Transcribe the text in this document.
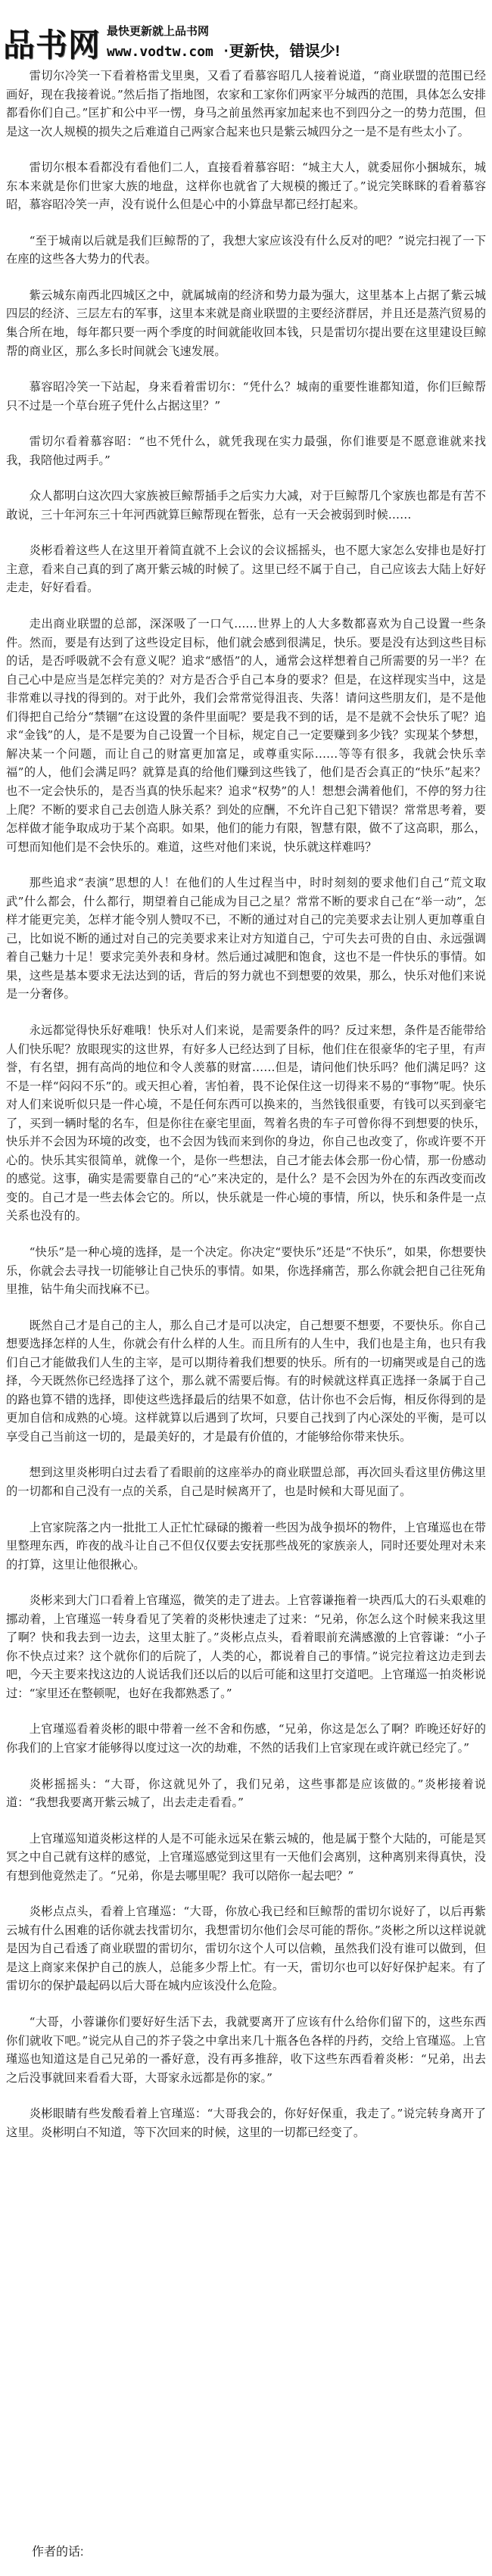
品书网 最快更新就上品书网
www.vodtw.com ·更新快，错误少!

雷切尔冷笑一下看着格雷戈里奥，又看了看慕容昭几人接着说道，“商业联盟的范围已经画好，现在我接着说。”然后指了指地图，农家和工家你们两家平分城西的范围，具体怎么安排都看你们自己。”匡扩和公中平一愣，身马之前虽然再家加起来也不到四分之一的势力范围，但是这一次人规模的损失之后难道自己两家合起来也只是紫云城四分之一是不是有些太小了。

雷切尔根本看都没有看他们二人，直接看着慕容昭：“城主大人，就委屈你小捆城东，城东本来就是你们世家大族的地盘，这样你也就省了大规模的搬迁了。”说完笑眯眯的看着慕容昭，慕容昭冷笑一声，没有说什么但是心中的小算盘早都已经打起来。

“至于城南以后就是我们巨鲸帮的了，我想大家应该没有什么反对的吧？”说完扫视了一下在座的这些各大势力的代表。

紫云城东南西北四城区之中，就属城南的经济和势力最为强大，这里基本上占据了紫云城四层的经济、三层左右的军事，这里本来就是商业联盟的主要经济群居，并且还是蒸汽贸易的集合所在地，每年都只要一两个季度的时间就能收回本钱，只是雷切尔提出要在这里建设巨鲸帮的商业区，那么多长时间就会飞速发展。

慕容昭冷笑一下站起，身来看着雷切尔：“凭什么？城南的重要性谁都知道，你们巨鲸帮只不过是一个草台班子凭什么占据这里？”

雷切尔看着慕容昭：“也不凭什么，就凭我现在实力最强，你们谁要是不愿意谁就来找我，我陪他过两手。”

众人都明白这次四大家族被巨鲸帮插手之后实力大减，对于巨鲸帮几个家族也都是有苦不敢说，三十年河东三十年河西就算巨鲸帮现在暂张，总有一天会被弱到时候……

炎彬看着这些人在这里开着简直就不上会议的会议摇摇头，也不愿大家怎么安排也是好打主意，看来自己真的到了离开紫云城的时候了。这里已经不属于自己，自己应该去大陆上好好走走，好好看看。

走出商业联盟的总部，深深吸了一口气……世界上的人大多数都喜欢为自己设置一些条件。然而，要是有达到了这些设定目标，他们就会感到很满足，快乐。要是没有达到这些目标的话，是否呼吸就不会有意义呢？追求“感悟”的人，通常会这样想着自己所需要的另一半？在自己心中是应当是怎样完美的？对方是否合乎自己本身的要求？但是，在这样现实当中，这是非常难以寻找的得到的。对于此外，我们会常常觉得沮丧、失落！请问这些朋友们，是不是他们得把自己给分“禁锢”在这设置的条件里面呢？要是我不到的话，是不是就不会快乐了呢？追求“金钱”的人，是不是要为自己设置一个目标，规定自己一定要赚到多少钱？实现某个梦想，解决某一个问题，而让自己的财富更加富足，或尊重实际……等等有很多，我就会快乐幸福”的人，他们会满足吗？就算是真的给他们赚到这些钱了，他们是否会真正的“快乐”起来？也不一定会快乐的，是否当真的快乐起来？追求“权势”的人！想想会满着他们，不停的努力往上爬？不断的要求自己去创造人脉关系？到处的应酬，不允许自己犯下错误？常常思考着，要怎样做才能争取成功于某个高职。如果，他们的能力有限，智慧有限，做不了这高职，那么，可想而知他们是不会快乐的。难道，这些对他们来说，快乐就这样难吗？

那些追求“表演”思想的人！在他们的人生过程当中，时时刻刻的要求他们自己“荒文取武”什么都会，什么都行，期望着自己能成为目己之星？常常不断的要求自己在“举一动”，怎样才能更完美，怎样才能令别人赞叹不已，不断的通过对自己的完美要求去让别人更加尊重自己，比如说不断的通过对自己的完美要求来让对方知道自己，宁可失去可贵的自由、永远强调着自己魅力十足！要求完美外表和身材。然后通过减肥和饱食，这也不是一件快乐的事情。如果，这些是基本要求无法达到的话，背后的努力就也不到想要的效果，那么，快乐对他们来说是一分奢侈。

永远都觉得快乐好难哦！快乐对人们来说，是需要条件的吗？反过来想，条件是否能带给人们快乐呢？放眼现实的这世界，有好多人已经达到了目标，他们住在很豪华的宅子里，有声誉，有名望，拥有高尚的地位和令人羡慕的财富……但是，请问他们快乐吗？他们满足吗？这不是一样“闷闷不乐”的。或天担心着，害怕着，畏不论保住这一切得来不易的“事物”呢。快乐对人们来说听似只是一件心境，不是任何东西可以换来的，当然钱很重要，有钱可以买到豪宅了，买到一辆时髦的名车，但是你往在豪宅里面，驾着名贵的车子可曾你得不到想要的快乐，快乐并不会因为环境的改变，也不会因为钱而来到你的身边，你自己也改变了，你或许要不开心的。快乐其实很简单，就像一个，是你一些想法，自己才能去体会那一份心情，那一份感动的感觉。这事，确实是需要靠自己的“心”来决定的，是什么？是不会因为外在的东西改变而改变的。自己才是一些去体会它的。所以，快乐就是一件心境的事情，所以，快乐和条件是一点关系也没有的。

“快乐”是一种心境的选择，是一个决定。你决定“要快乐”还是“不快乐”，如果，你想要快乐，你就会去寻找一切能够让自己快乐的事情。如果，你选择痛苦，那么你就会把自己往死角里推，钻牛角尖而找麻不已。

既然自己才是自己的主人，那么自己才是可以决定，自己想要不想要，不要快乐。你自己想要选择怎样的人生，你就会有什么样的人生。而且所有的人生中，我们也是主角，也只有我们自己才能做我们人生的主宰，是可以期待着我们想要的快乐。所有的一切痛哭或是自己的选择，今天既然你已经选择了这个，那么就不需要后悔。有的时候就这样真正选择一条属于自己的路也算不错的选择，即使这些选择最后的结果不如意，估计你也不会后悔，相反你得到的是更加自信和成熟的心境。这样就算以后遇到了坎坷，只要自己找到了内心深处的平衡，是可以享受自己当前这一切的，是最美好的，才是最有价值的，才能够给你带来快乐。

想到这里炎彬明白过去看了看眼前的这座举办的商业联盟总部，再次回头看这里仿佛这里的一切都和自己没有一点的关系，自己是时候离开了，也是时候和大哥见面了。

上官家院落之内一批批工人正忙忙碌碌的搬着一些因为战争损坏的物件，上官瑾巡也在带里整理东西，昨夜的战斗让自己不但仅仅要去安抚那些战死的家族亲人，同时还要处理对未来的打算，这里让他很揪心。

炎彬来到大门口看着上官瑾巡，微笑的走了进去。上官蓉谦拖着一块西瓜大的石头艰难的挪动着，上官瑾巡一转身看见了笑着的炎彬快速走了过来：“兄弟，你怎么这个时候来我这里了啊？快和我去到一边去，这里太脏了。”炎彬点点头，看着眼前充满感激的上官蓉谦：“小子你不快点过来？这个就你们的后院了，人类的心，都说着自己的事情。”说完拉着这边走到去吧，今天主要来找这边的人说话我们还以后的以后可能和这里打交道吧。上官瑾巡一拍炎彬说过：“家里还在整顿呢，也好在我都熟悉了。”

上官瑾巡看着炎彬的眼中带着一丝不舍和伤感，“兄弟，你这是怎么了啊？昨晚还好好的你我们的上官家才能够得以度过这一次的劫难，不然的话我们上官家现在或许就已经完了。”

炎彬摇摇头：“大哥，你这就见外了，我们兄弟，这些事都是应该做的。”炎彬接着说道：“我想我要离开紫云城了，出去走走看看。”

上官瑾巡知道炎彬这样的人是不可能永远呆在紫云城的，他是属于整个大陆的，可能是冥冥之中自己就有这样的感觉，上官瑾巡感觉到这里有一天他们会离别，这种离别来得真快，没有想到他竟然走了。“兄弟，你是去哪里呢？我可以陪你一起去吧？”

炎彬点点头，看着上官瑾巡：“大哥，你放心我已经和巨鲸帮的雷切尔说好了，以后再紫云城有什么困难的话你就去找雷切尔，我想雷切尔他们会尽可能的帮你。”炎彬之所以这样说就是因为自己看透了商业联盟的雷切尔，雷切尔这个人可以信赖，虽然我们没有谁可以做到，但是这上商家来保护自己的族人，总能多少帮上忙。有一天，雷切尔也可以好好保护起来。有了雷切尔的保护最起码以后大哥在城内应该没什么危险。

“大哥，小蓉谦你们要好好生活下去，我就要离开了应该有什么给你们留下的，这些东西你们就收下吧。”说完从自己的芥子袋之中拿出来几十瓶各色各样的丹药，交给上官瑾巡。上官瑾巡也知道这是自己兄弟的一番好意，没有再多推辞，收下这些东西看着炎彬：“兄弟，出去之后没事就回来看看大哥，大哥家永远都是你的家。”

炎彬眼睛有些发酸看着上官瑾巡：“大哥我会的，你好好保重，我走了。”说完转身离开了这里。炎彬明白不知道，等下次回来的时候，这里的一切都已经变了。

作者的话:
